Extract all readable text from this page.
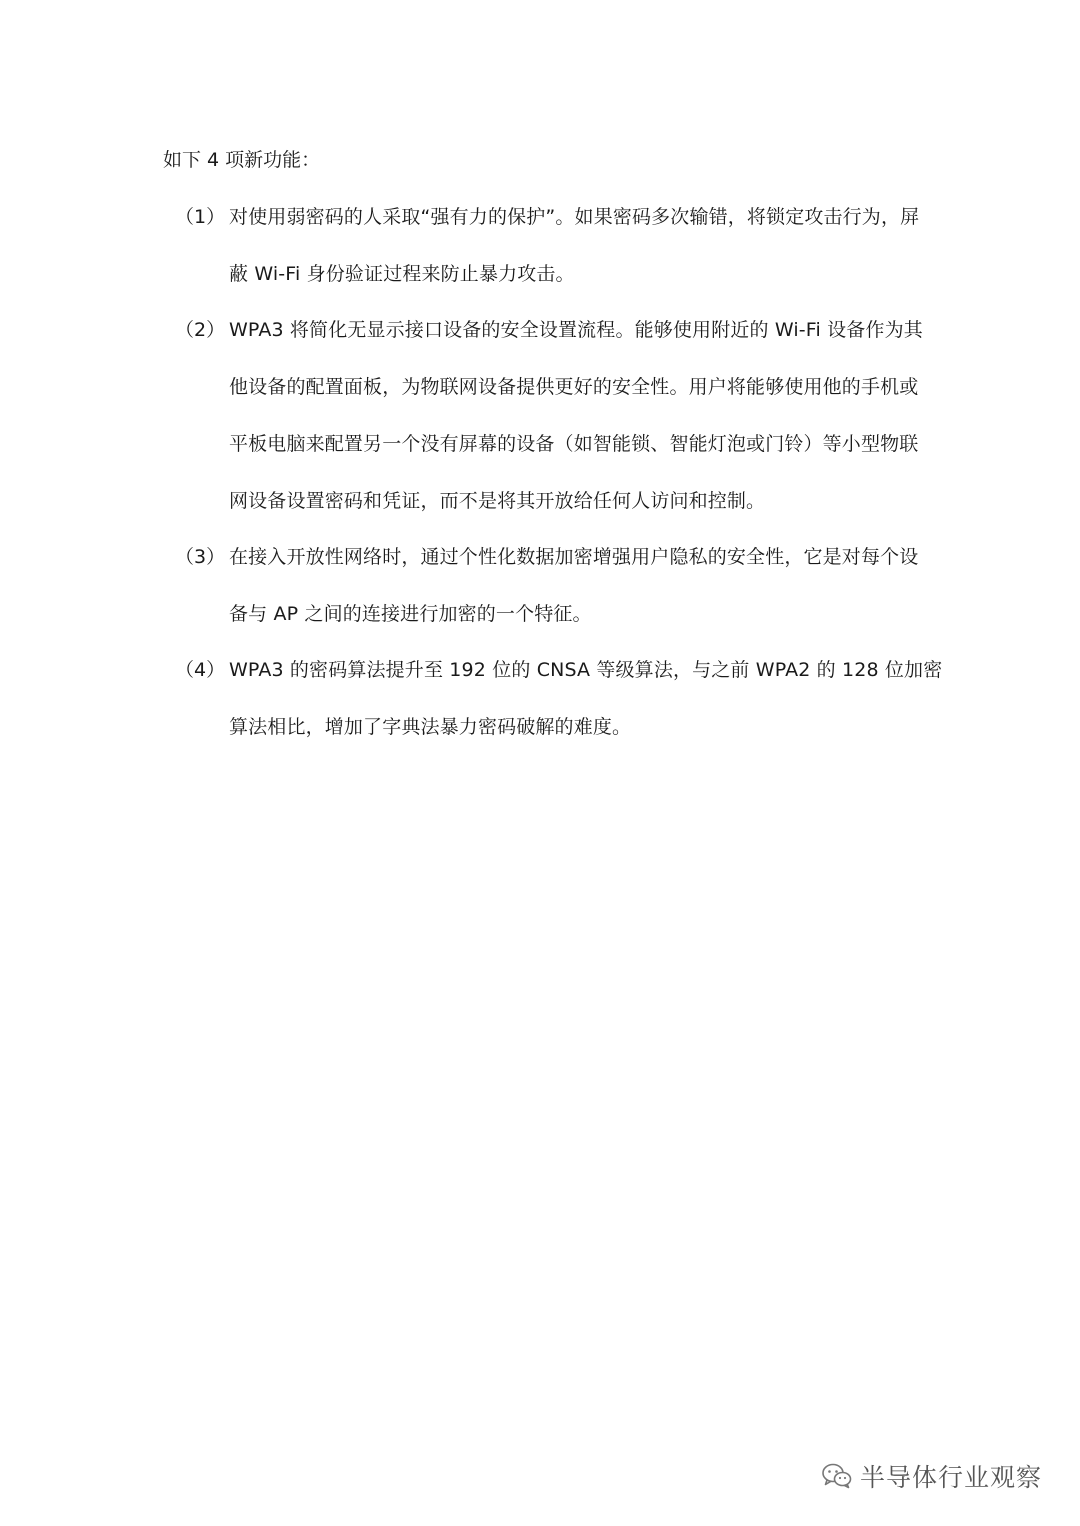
如下 4 项新功能：
（1） 对使用弱密码的人采取“强有力的保护”。如果密码多次输错，将锁定攻击行为，屏
蔽 Wi-Fi 身份验证过程来防止暴力攻击。
（2） WPA3 将简化无显示接口设备的安全设置流程。能够使用附近的 Wi-Fi 设备作为其
他设备的配置面板，为物联网设备提供更好的安全性。用户将能够使用他的手机或
平板电脑来配置另一个没有屏幕的设备（如智能锁、智能灯泡或门铃）等小型物联
网设备设置密码和凭证，而不是将其开放给任何人访问和控制。
（3） 在接入开放性网络时，通过个性化数据加密增强用户隐私的安全性，它是对每个设
备与 AP 之间的连接进行加密的一个特征。
（4） WPA3 的密码算法提升至 192 位的 CNSA 等级算法，与之前 WPA2 的 128 位加密
算法相比，增加了字典法暴力密码破解的难度。
半导体行业观察
